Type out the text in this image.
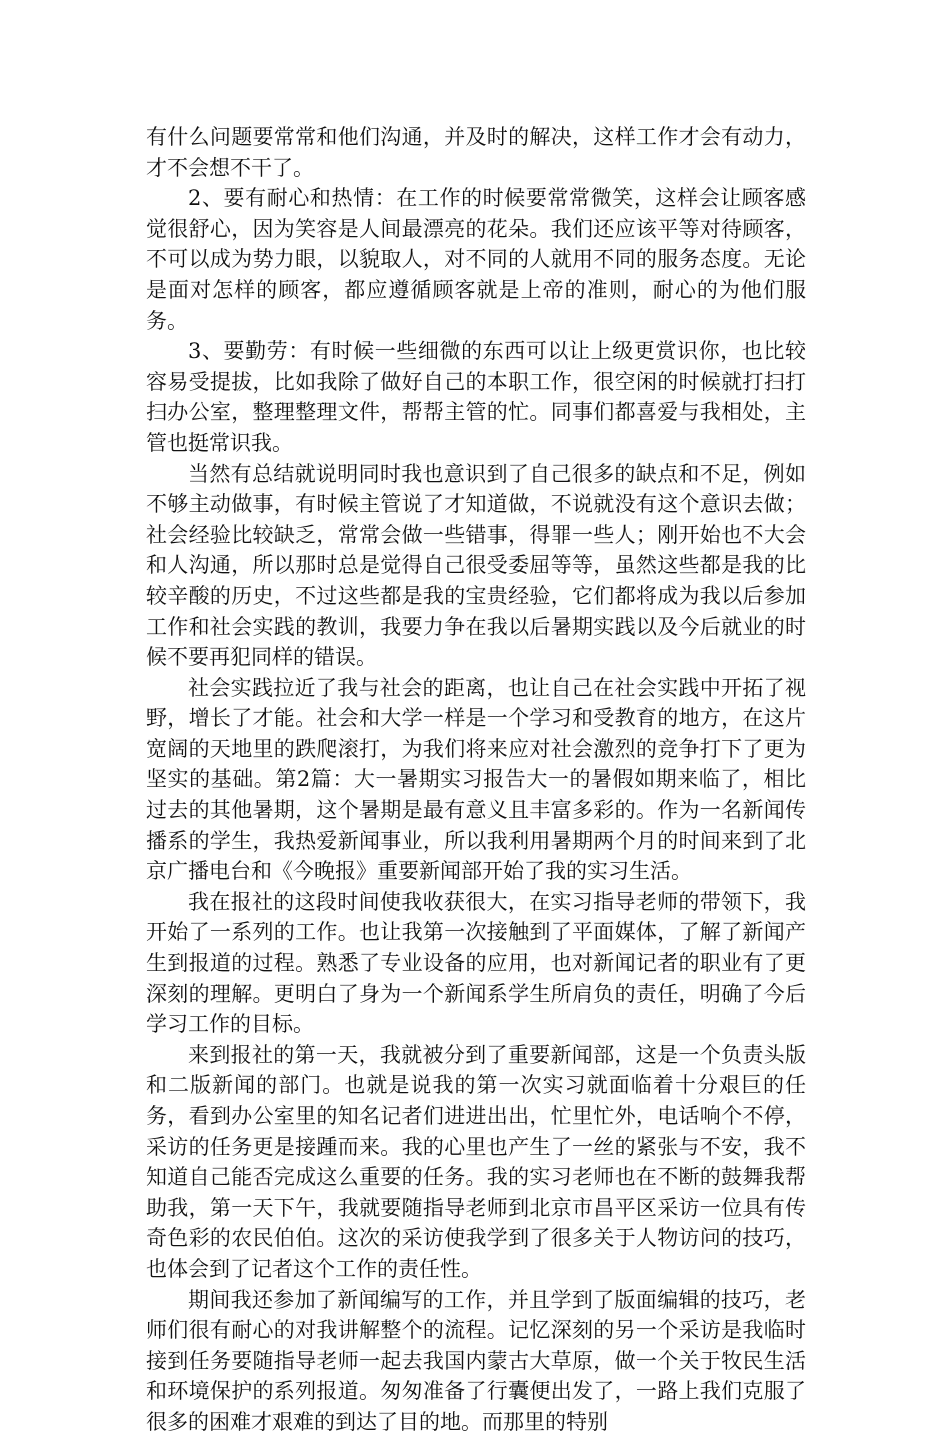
有什么问题要常常和他们沟通，并及时的解决，这样工作才会有动力，才不会想不干了。

2、要有耐心和热情：在工作的时候要常常微笑，这样会让顾客感觉很舒心，因为笑容是人间最漂亮的花朵。我们还应该平等对待顾客，不可以成为势力眼，以貌取人，对不同的人就用不同的服务态度。无论是面对怎样的顾客，都应遵循顾客就是上帝的准则，耐心的为他们服务。

3、要勤劳：有时候一些细微的东西可以让上级更赏识你，也比较容易受提拔，比如我除了做好自己的本职工作，很空闲的时候就打扫打扫办公室，整理整理文件，帮帮主管的忙。同事们都喜爱与我相处，主管也挺常识我。

当然有总结就说明同时我也意识到了自己很多的缺点和不足，例如不够主动做事，有时候主管说了才知道做，不说就没有这个意识去做；社会经验比较缺乏，常常会做一些错事，得罪一些人；刚开始也不大会和人沟通，所以那时总是觉得自己很受委屈等等，虽然这些都是我的比较辛酸的历史，不过这些都是我的宝贵经验，它们都将成为我以后参加工作和社会实践的教训，我要力争在我以后暑期实践以及今后就业的时候不要再犯同样的错误。

社会实践拉近了我与社会的距离，也让自己在社会实践中开拓了视野，增长了才能。社会和大学一样是一个学习和受教育的地方，在这片宽阔的天地里的跌爬滚打，为我们将来应对社会激烈的竞争打下了更为坚实的基础。第2篇：大一暑期实习报告大一的暑假如期来临了，相比过去的其他暑期，这个暑期是最有意义且丰富多彩的。作为一名新闻传播系的学生，我热爱新闻事业，所以我利用暑期两个月的时间来到了北京广播电台和《今晚报》重要新闻部开始了我的实习生活。

我在报社的这段时间使我收获很大，在实习指导老师的带领下，我开始了一系列的工作。也让我第一次接触到了平面媒体，了解了新闻产生到报道的过程。熟悉了专业设备的应用，也对新闻记者的职业有了更深刻的理解。更明白了身为一个新闻系学生所肩负的责任，明确了今后学习工作的目标。

来到报社的第一天，我就被分到了重要新闻部，这是一个负责头版和二版新闻的部门。也就是说我的第一次实习就面临着十分艰巨的任务，看到办公室里的知名记者们进进出出，忙里忙外，电话响个不停，采访的任务更是接踵而来。我的心里也产生了一丝的紧张与不安，我不知道自己能否完成这么重要的任务。我的实习老师也在不断的鼓舞我帮助我，第一天下午，我就要随指导老师到北京市昌平区采访一位具有传奇色彩的农民伯伯。这次的采访使我学到了很多关于人物访问的技巧，也体会到了记者这个工作的责任性。

期间我还参加了新闻编写的工作，并且学到了版面编辑的技巧，老师们很有耐心的对我讲解整个的流程。记忆深刻的另一个采访是我临时接到任务要随指导老师一起去我国内蒙古大草原，做一个关于牧民生活和环境保护的系列报道。匆匆准备了行囊便出发了，一路上我们克服了很多的困难才艰难的到达了目的地。而那里的特别
